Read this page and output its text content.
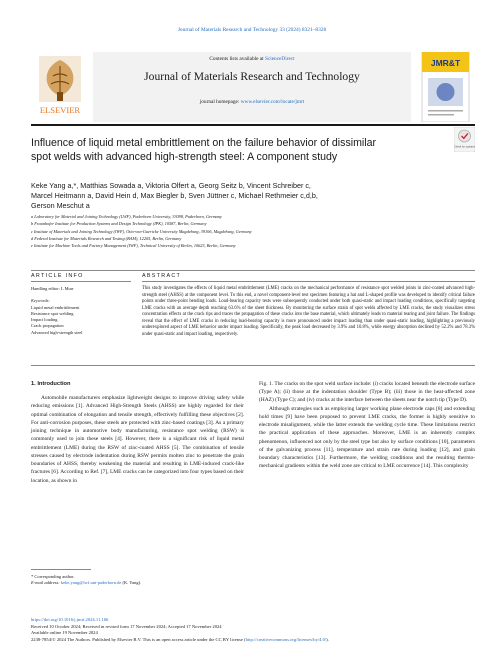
Journal of Materials Research and Technology 33 (2024) 8321–8328
ELSEVIER
Contents lists available at ScienceDirect
Journal of Materials Research and Technology
journal homepage: www.elsevier.com/locate/jmrt
JMR&T
Influence of liquid metal embrittlement on the failure behavior of dissimilar spot welds with advanced high-strength steel: A component study
Check for updates
Keke Yang a,*, Matthias Sowada a, Viktoria Olfert a, Georg Seitz b, Vincent Schreiber c,
Marcel Heitmann a, David Hein d, Max Biegler b, Sven Jüttner c, Michael Rethmeier c,d,b,
Gerson Meschut a
a Laboratory for Material and Joining Technology (LWF), Paderborn University, 33098, Paderborn, Germany
b Fraunhofer Institute for Production Systems and Design Technology (IPK), 10587, Berlin, Germany
c Institute of Materials and Joining Technology (IWF), Otto-von-Guericke University Magdeburg, 39106, Magdeburg, Germany
d Federal Institute for Materials Research and Testing (BAM), 12205, Berlin, Germany
e Institute for Machine Tools and Factory Management (IWF), Technical University of Berlin, 10623, Berlin, Germany
ARTICLE INFO	ABSTRACT
Handling editor: L Murr
Keywords:
Liquid metal embrittlement
Resistance spot welding
Impact loading
Crack propagation
Advanced high-strength steel
This study investigates the effects of liquid metal embrittlement (LME) cracks on the mechanical performance of resistance spot welded joints in zinc-coated advanced high-strength steel (AHSS) at the component level. To this end, a novel component-level test specimen featuring a hat and L-shaped profile was developed to identify critical failure points under three-point bending loads. Load-bearing capacity tests were subsequently conducted under both quasi-static and impact loading conditions, specifically targeting LME cracks with an average depth reaching 63.6% of the sheet thickness. By monitoring the surface strain of spot welds affected by LME cracks, the study visualizes stress concentration effects at the crack tips and traces the propagation of these cracks into the base material, which ultimately leads to material tearing and joint failure. The findings reveal that the effect of LME cracks in reducing load-bearing capacity is more pronounced under impact loading than under quasi-static loading, highlighting a previously underexplored aspect of LME behavior under impact loading. Specifically, the peak load decreased by 3.9% and 10.8%, while energy absorption declined by 52.2% and 78.3% under quasi-static and impact loading, respectively.
1. Introduction
Automobile manufacturers emphasize lightweight designs to improve driving safety while reducing emissions [1]. Advanced High-Strength Steels (AHSS) are highly regarded for their optimal combination of elongation and tensile strength, effectively fulfilling these objectives [2]. For anti-corrosion purposes, these steels are protected with zinc-based coatings [3]. As a primary joining technique in automotive body manufacturing, resistance spot welding (RSW) is commonly used to join these steels [4]. However, there is a significant risk of liquid metal embrittlement (LME) during the RSW of zinc-coated AHSS [5]. The combination of tensile stresses caused by electrode indentation during RSW permits molten zinc to penetrate the grain boundaries of AHSS, thereby weakening the material and resulting in LME-induced crack-like fractures [6]. According to Ref. [7], LME cracks can be categorized into four types based on their location, as shown in
Fig. 1. The cracks on the spot weld surface include: (i) cracks located beneath the electrode surface (Type A); (ii) those at the indentation shoulder (Type B); (iii) those in the heat-affected zone (HAZ) (Type C); and (iv) cracks at the interface between the sheets near the notch tip (Type D).
Although strategies such as employing larger working plane electrode caps [8] and extending hold times [9] have been proposed to prevent LME cracks, the former is highly sensitive to electrode misalignment, while the latter extends the welding cycle time. These limitations restrict the practical application of these approaches. Moreover, LME is an inherently complex phenomenon, influenced not only by the steel type but also by surface conditions [10], parameters of the galvanizing process [11], temperature and strain rate during loading [12], and grain boundary characteristics [13]. Furthermore, the welding conditions and the resulting thermo-mechanical gradients within the weld zone are critical to LME occurrence [14]. This complexity
* Corresponding author.
E-mail address: keke.yang@lwf.uni-paderborn.de (K. Yang).
https://doi.org/10.1016/j.jmrt.2024.11.166
Received 10 October 2024; Received in revised form 17 November 2024; Accepted 17 November 2024
Available online 19 November 2024
2238-7854/© 2024 The Authors. Published by Elsevier B.V. This is an open access article under the CC BY license (http://creativecommons.org/licenses/by/4.0/).
